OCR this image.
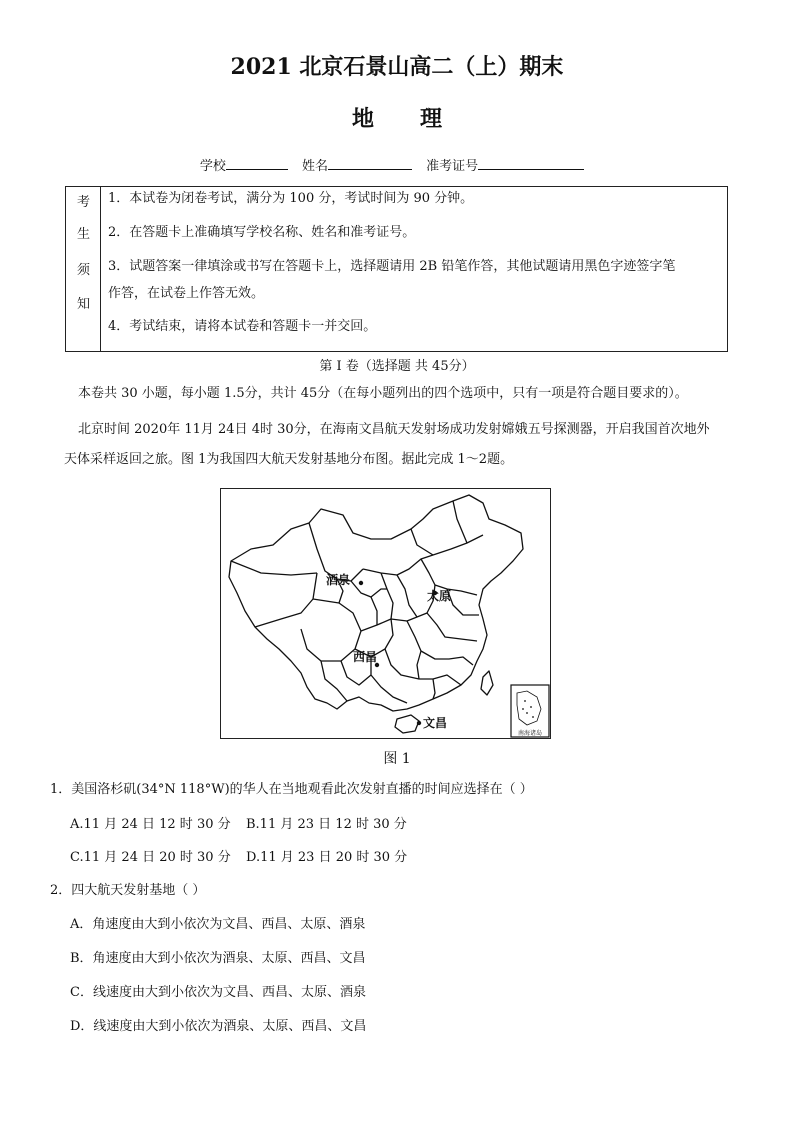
2021 北京石景山高二（上）期末
地理
学校	姓名	准考证号
考
生
须
知
1．本试卷为闭卷考试，满分为 100 分，考试时间为 90 分钟。
2．在答题卡上准确填写学校名称、姓名和准考证号。
3．试题答案一律填涂或书写在答题卡上，选择题请用 2B 铅笔作答，其他试题请用黑色字迹签字笔
作答，在试卷上作答无效。
4．考试结束，请将本试卷和答题卡一并交回。
第 I 卷（选择题 共 45分）
本卷共 30 小题，每小题 1.5分，共计 45分（在每小题列出的四个选项中，只有一项是符合题目要求的）。
北京时间 2020年 11月 24日 4时 30分，在海南文昌航天发射场成功发射嫦娥五号探测器，开启我国首次地外
天体采样返回之旅。图 1为我国四大航天发射基地分布图。据此完成 1～2题。
南海诸岛
酒泉
太原
西昌
文昌
图 1
1．美国洛杉矶(34°N 118°W)的华人在当地观看此次发射直播的时间应选择在（ ）
A.11 月 24 日 12 时 30 分 B.11 月 23 日 12 时 30 分
C.11 月 24 日 20 时 30 分 D.11 月 23 日 20 时 30 分
2．四大航天发射基地（ ）
A．角速度由大到小依次为文昌、西昌、太原、酒泉
B．角速度由大到小依次为酒泉、太原、西昌、文昌
C．线速度由大到小依次为文昌、西昌、太原、酒泉
D．线速度由大到小依次为酒泉、太原、西昌、文昌
